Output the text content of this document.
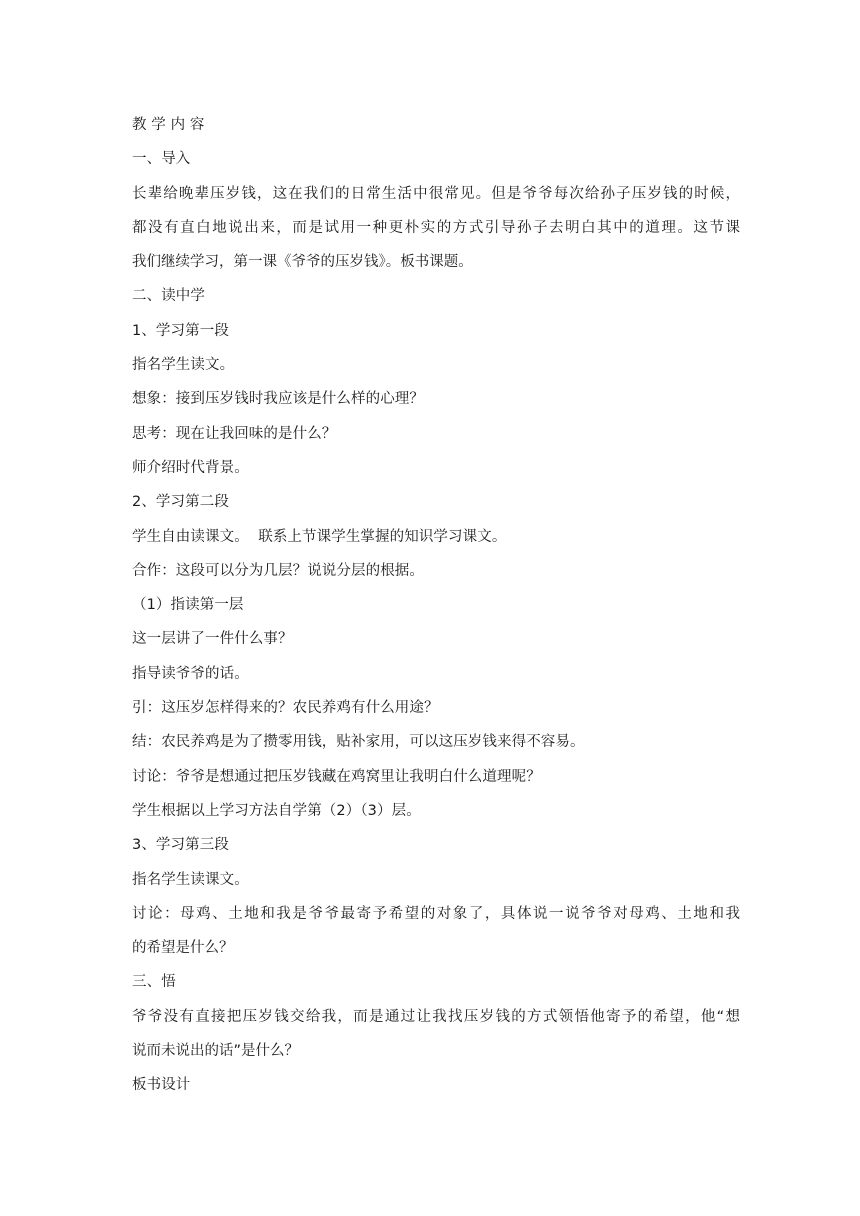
教 学 内 容

一、导入

长辈给晚辈压岁钱，这在我们的日常生活中很常见。但是爷爷每次给孙子压岁钱的时候，
都没有直白地说出来，而是试用一种更朴实的方式引导孙子去明白其中的道理。这节课
我们继续学习，第一课《爷爷的压岁钱》。板书课题。

二、读中学

1、学习第一段

指名学生读文。

想象：接到压岁钱时我应该是什么样的心理？

思考：现在让我回味的是什么？

师介绍时代背景。

2、学习第二段

学生自由读课文。  联系上节课学生掌握的知识学习课文。

合作：这段可以分为几层？说说分层的根据。

（1）指读第一层

这一层讲了一件什么事？

指导读爷爷的话。

引：这压岁怎样得来的？农民养鸡有什么用途？

结：农民养鸡是为了攒零用钱，贴补家用，可以这压岁钱来得不容易。

讨论：爷爷是想通过把压岁钱藏在鸡窝里让我明白什么道理呢？

学生根据以上学习方法自学第（2）（3）层。

3、学习第三段

指名学生读课文。

讨论：母鸡、土地和我是爷爷最寄予希望的对象了，具体说一说爷爷对母鸡、土地和我
的希望是什么？

三、悟

爷爷没有直接把压岁钱交给我，而是通过让我找压岁钱的方式领悟他寄予的希望，他“想
说而未说出的话”是什么？

板书设计
